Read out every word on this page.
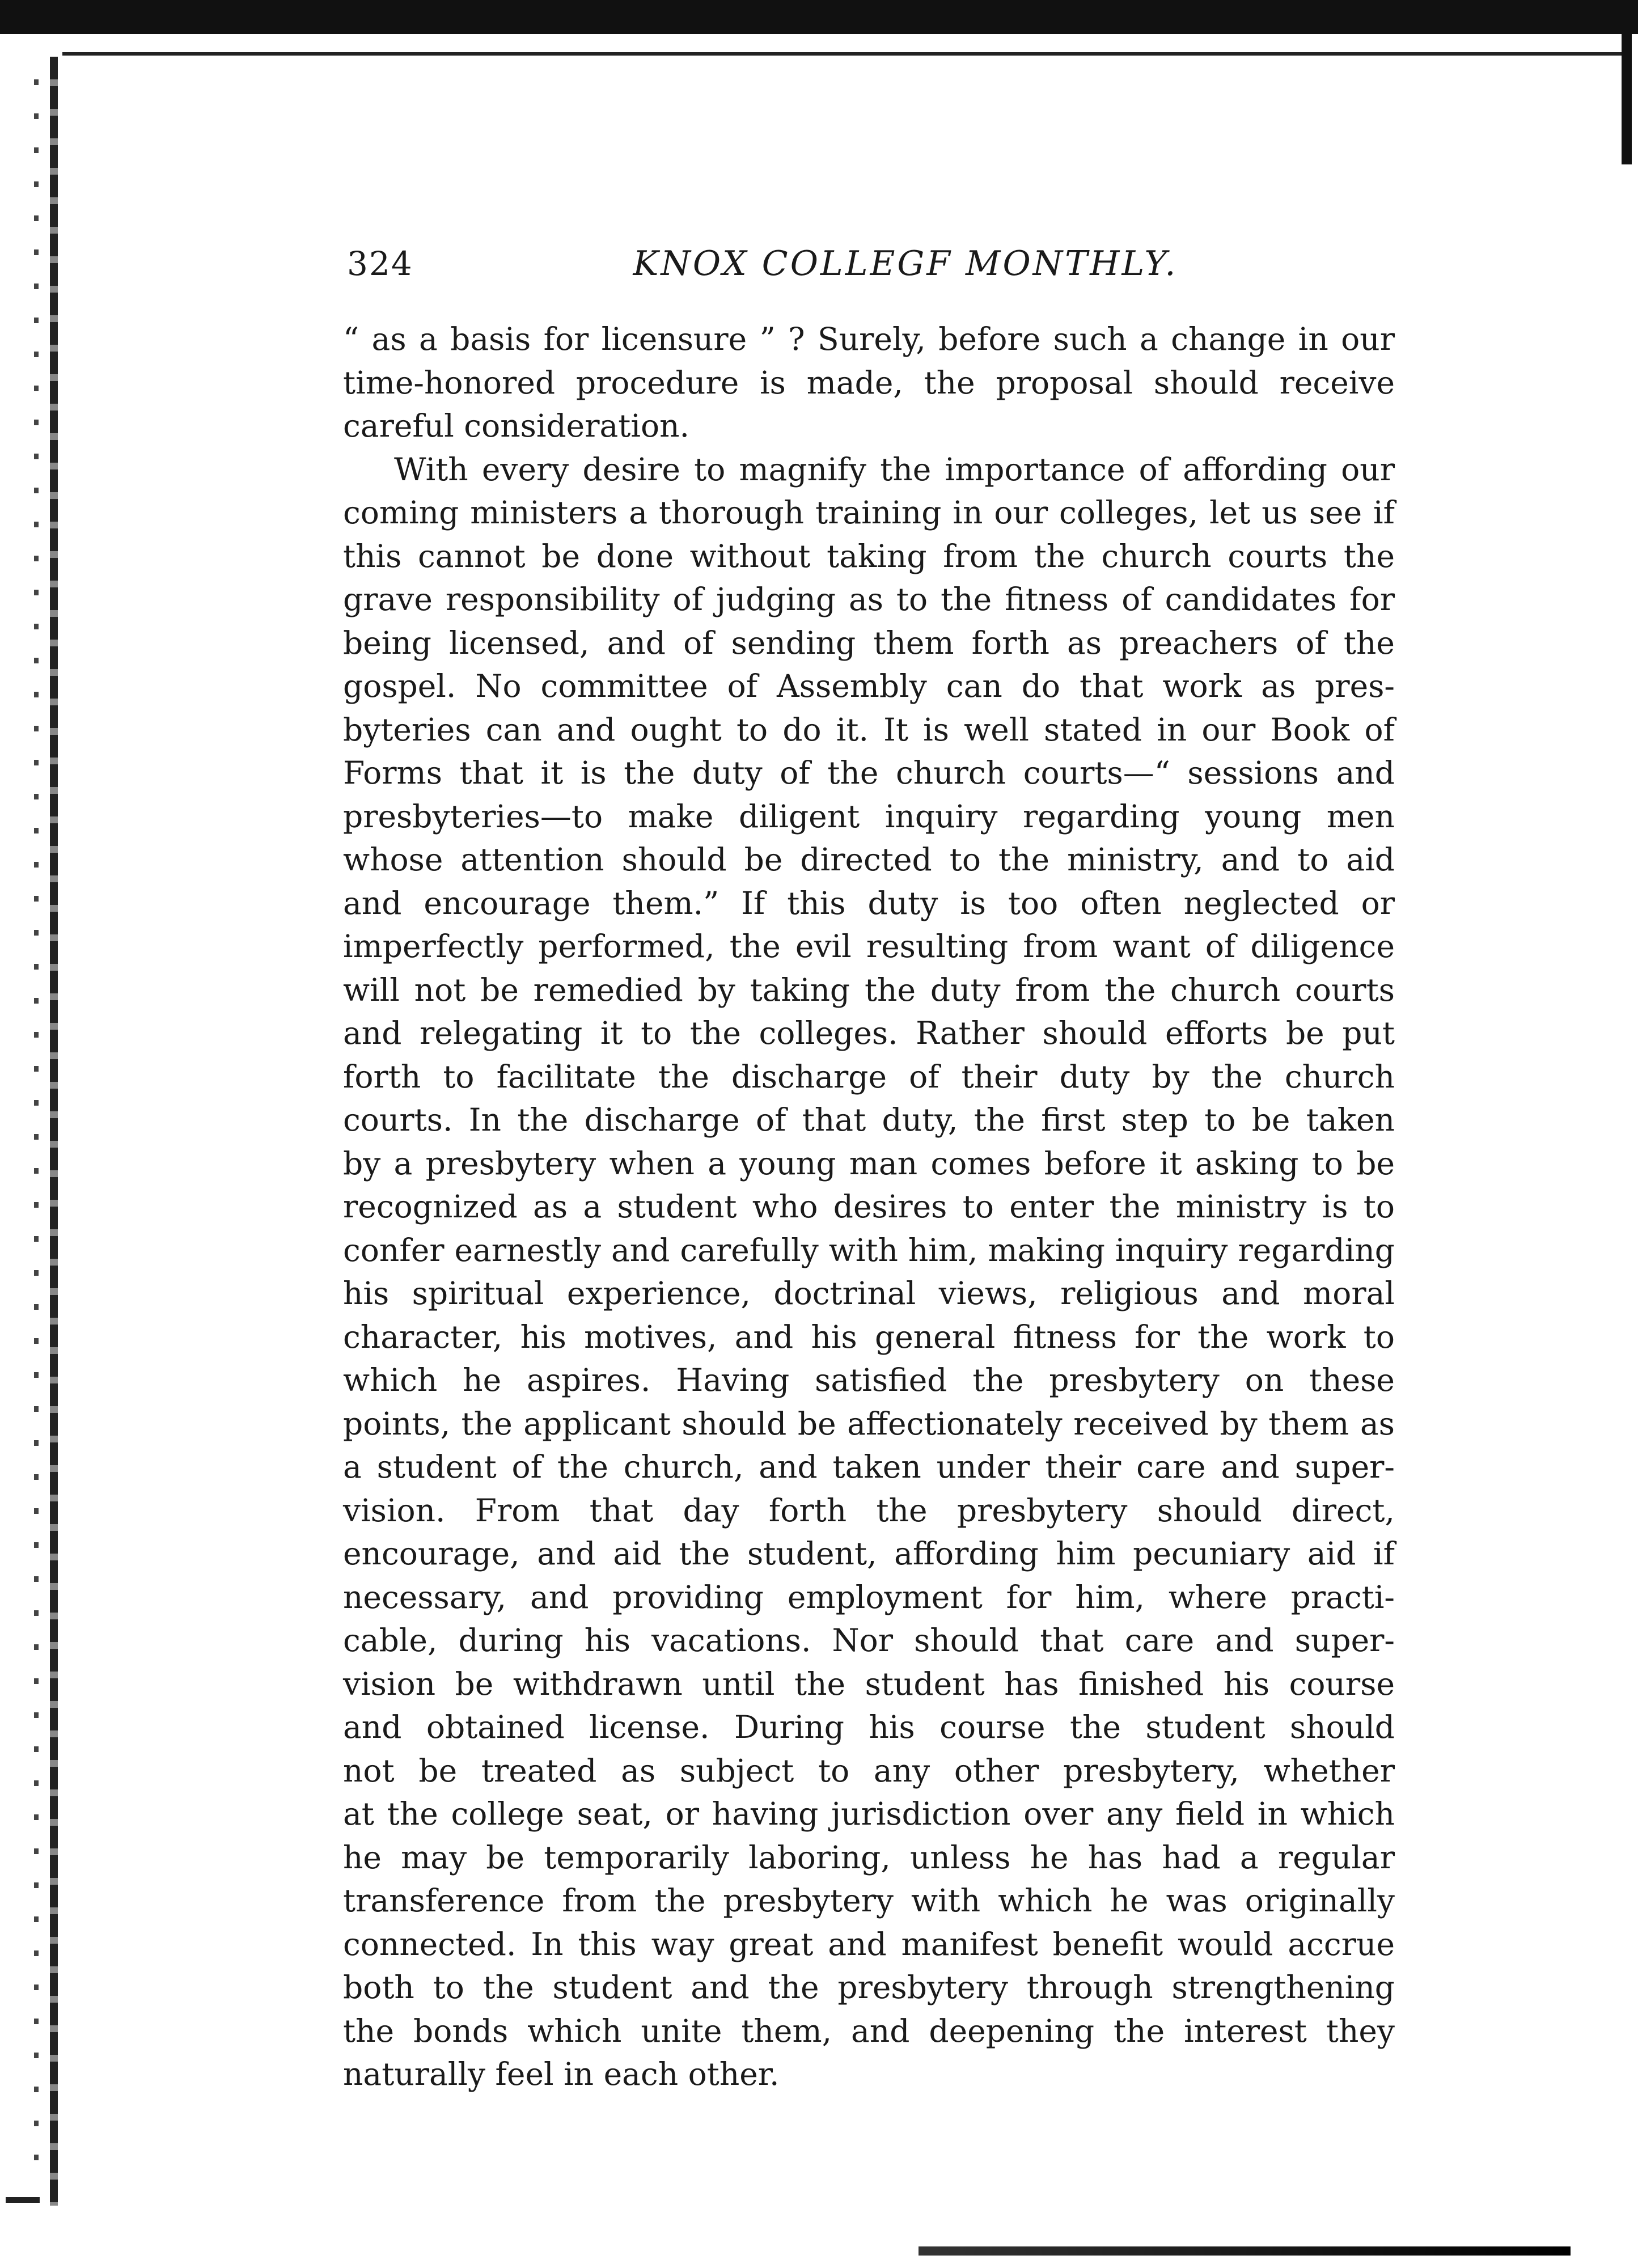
324	KNOX COLLEGF MONTHLY.
“ as a basis for licensure ” ? Surely, before such a change in our
time-honored procedure is made, the proposal should receive
careful consideration.
With every desire to magnify the importance of affording our
coming ministers a thorough training in our colleges, let us see if
this cannot be done without taking from the church courts the
grave responsibility of judging as to the fitness of candidates for
being licensed, and of sending them forth as preachers of the
gospel. No committee of Assembly can do that work as pres-
byteries can and ought to do it. It is well stated in our Book of
Forms that it is the duty of the church courts—“ sessions and
presbyteries—to make diligent inquiry regarding young men
whose attention should be directed to the ministry, and to aid
and encourage them.” If this duty is too often neglected or
imperfectly performed, the evil resulting from want of diligence
will not be remedied by taking the duty from the church courts
and relegating it to the colleges. Rather should efforts be put
forth to facilitate the discharge of their duty by the church
courts. In the discharge of that duty, the first step to be taken
by a presbytery when a young man comes before it asking to be
recognized as a student who desires to enter the ministry is to
confer earnestly and carefully with him, making inquiry regarding
his spiritual experience, doctrinal views, religious and moral
character, his motives, and his general fitness for the work to
which he aspires. Having satisfied the presbytery on these
points, the applicant should be affectionately received by them as
a student of the church, and taken under their care and super-
vision. From that day forth the presbytery should direct,
encourage, and aid the student, affording him pecuniary aid if
necessary, and providing employment for him, where practi-
cable, during his vacations. Nor should that care and super-
vision be withdrawn until the student has finished his course
and obtained license. During his course the student should
not be treated as subject to any other presbytery, whether
at the college seat, or having jurisdiction over any field in which
he may be temporarily laboring, unless he has had a regular
transference from the presbytery with which he was originally
connected. In this way great and manifest benefit would accrue
both to the student and the presbytery through strengthening
the bonds which unite them, and deepening the interest they
naturally feel in each other.
